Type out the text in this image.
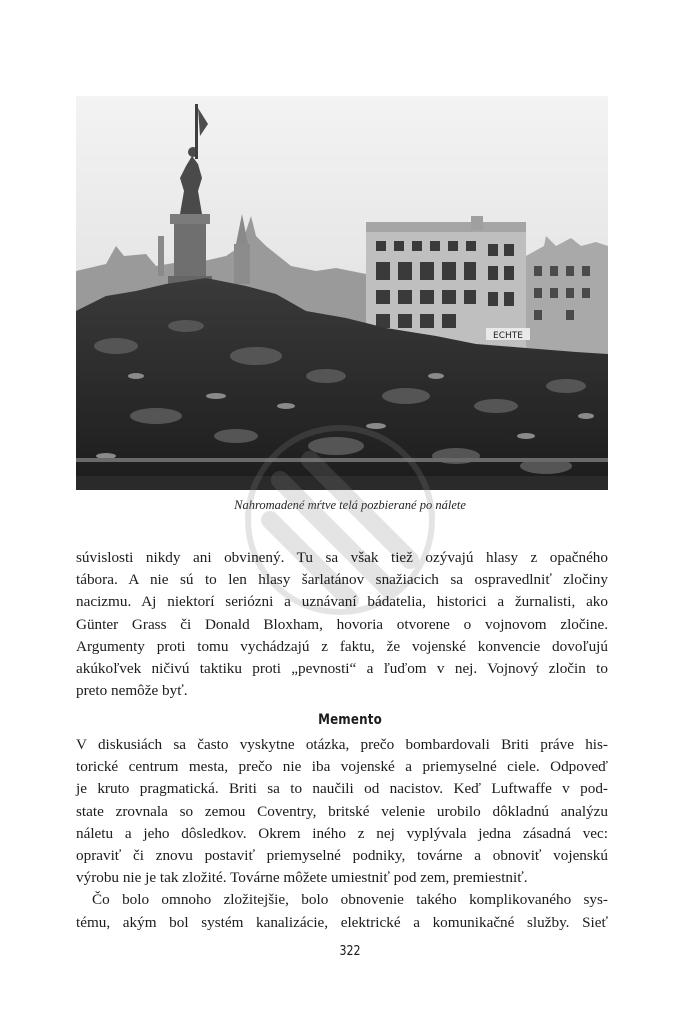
ECHTE
Nahromadené mŕtve telá pozbierané po nálete
súvislosti nikdy ani obvinený. Tu sa však tiež ozývajú hlasy z opačného
tábora. A nie sú to len hlasy šarlatánov snažiacich sa ospravedlniť zločiny
nacizmu. Aj niektorí seriózni a uznávaní bádatelia, historici a žurnalisti, ako
Günter Grass či Donald Bloxham, hovoria otvorene o vojnovom zločine.
Argumenty proti tomu vychádzajú z faktu, že vojenské konvencie dovoľujú
akúkoľvek ničivú taktiku proti „pevnosti“ a ľuďom v nej. Vojnový zločin to
preto nemôže byť.
Memento
V diskusiách sa často vyskytne otázka, prečo bombardovali Briti práve his-
torické centrum mesta, prečo nie iba vojenské a priemyselné ciele. Odpoveď
je kruto pragmatická. Briti sa to naučili od nacistov. Keď Luftwaffe v pod-
state zrovnala so zemou Coventry, britské velenie urobilo dôkladnú analýzu
náletu a jeho dôsledkov. Okrem iného z nej vyplývala jedna zásadná vec:
opraviť či znovu postaviť priemyselné podniky, továrne a obnoviť vojenskú
výrobu nie je tak zložité. Továrne môžete umiestniť pod zem, premiestniť.
Čo bolo omnoho zložitejšie, bolo obnovenie takého komplikovaného sys-
tému, akým bol systém kanalizácie, elektrické a komunikačné služby. Sieť
322
